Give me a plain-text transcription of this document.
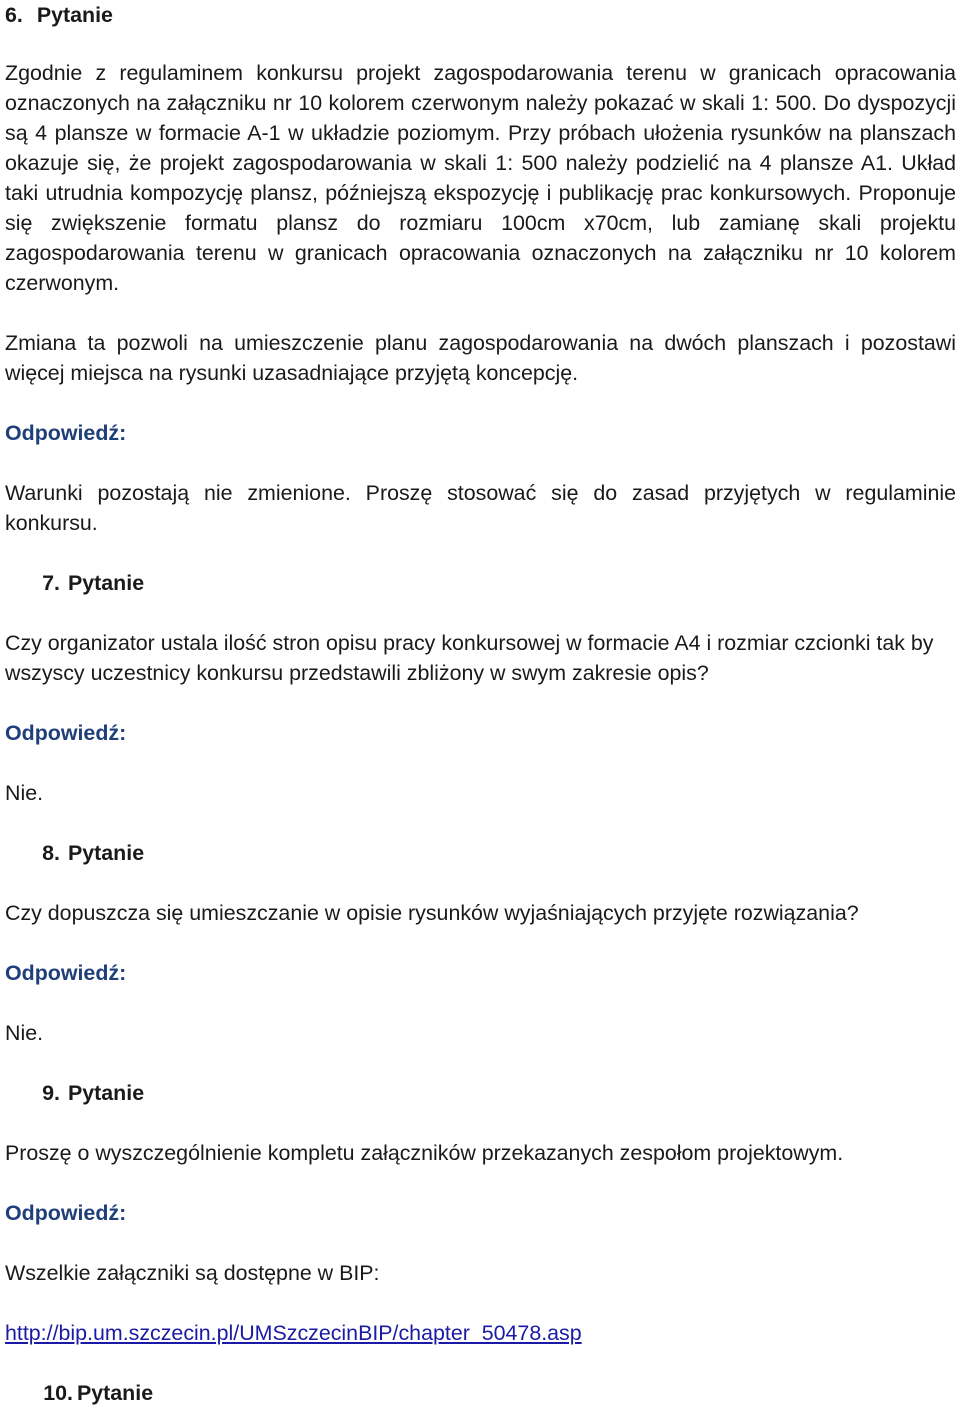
6. Pytanie

Zgodnie z regulaminem konkursu projekt zagospodarowania terenu w granicach opracowania oznaczonych na załączniku nr 10 kolorem czerwonym należy pokazać w skali 1: 500. Do dyspozycji są 4 plansze w formacie A-1 w układzie poziomym. Przy próbach ułożenia rysunków na planszach okazuje się, że projekt zagospodarowania w skali 1: 500 należy podzielić na 4 plansze A1. Układ taki utrudnia kompozycję plansz, późniejszą ekspozycję i publikację prac konkursowych. Proponuje się zwiększenie formatu plansz do rozmiaru 100cm x70cm, lub zamianę skali projektu zagospodarowania terenu w granicach opracowania oznaczonych na załączniku nr 10 kolorem czerwonym.

Zmiana ta pozwoli na umieszczenie planu zagospodarowania na dwóch planszach i pozostawi więcej miejsca na rysunki uzasadniające przyjętą koncepcję.

Odpowiedź:

Warunki pozostają nie zmienione. Proszę stosować się do zasad przyjętych w regulaminie konkursu.

7. Pytanie

Czy organizator ustala ilość stron opisu pracy konkursowej w formacie A4 i rozmiar czcionki tak by wszyscy uczestnicy konkursu przedstawili zbliżony w swym zakresie opis?

Odpowiedź:

Nie.

8. Pytanie

Czy dopuszcza się umieszczanie w opisie rysunków wyjaśniających przyjęte rozwiązania?

Odpowiedź:

Nie.

9. Pytanie

Proszę o wyszczególnienie kompletu załączników przekazanych zespołom projektowym.

Odpowiedź:

Wszelkie załączniki są dostępne w BIP:

http://bip.um.szczecin.pl/UMSzczecinBIP/chapter_50478.asp

10. Pytanie
